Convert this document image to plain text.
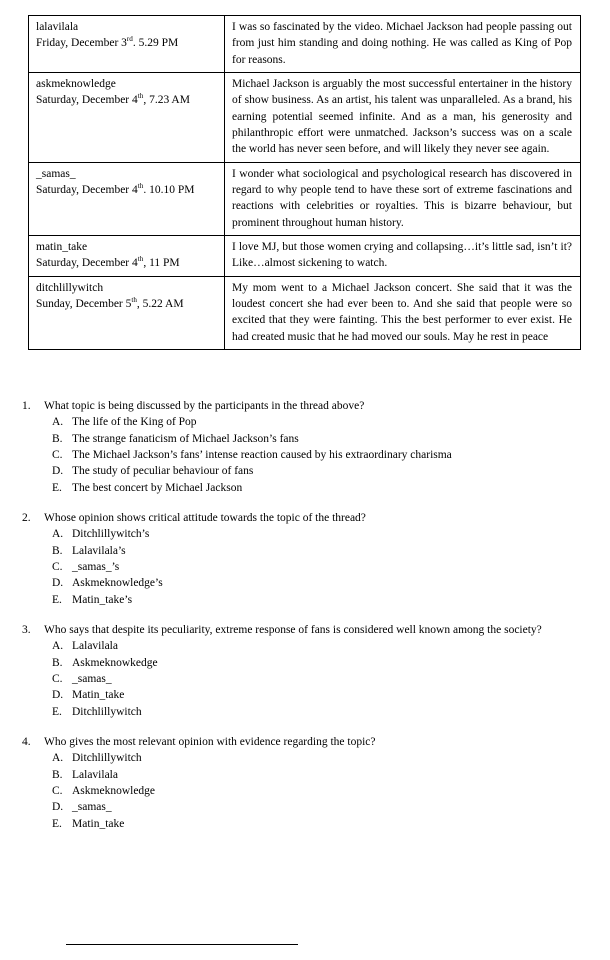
lalavilala
Friday, December 3rd. 5.29 PM	I was so fascinated by the video. Michael Jackson had people passing out from just him standing and doing nothing. He was called as King of Pop for reasons.

askmeknowledge
Saturday, December 4th, 7.23 AM	Michael Jackson is arguably the most successful entertainer in the history of show business. As an artist, his talent was unparalleled. As a brand, his earning potential seemed infinite. And as a man, his generosity and philanthropic effort were unmatched. Jackson’s success was on a scale the world has never seen before, and will likely they never see again.

_samas_
Saturday, December 4th. 10.10 PM	I wonder what sociological and psychological research has discovered in regard to why people tend to have these sort of extreme fascinations and reactions with celebrities or royalties. This is bizarre behaviour, but prominent throughout human history.

matin_take
Saturday, December 4th, 11 PM	I love MJ, but those women crying and collapsing…it’s little sad, isn’t it? Like…almost sickening to watch.

ditchlillywitch
Sunday, December 5th, 5.22 AM	My mom went to a Michael Jackson concert. She said that it was the loudest concert she had ever been to. And she said that people were so excited that they were fainting. This the best performer to ever exist. He had created music that he had moved our souls. May he rest in peace
1.	What topic is being discussed by the participants in the thread above?
A. The life of the King of Pop
B. The strange fanaticism of Michael Jackson’s fans
C. The Michael Jackson’s fans’ intense reaction caused by his extraordinary charisma
D. The study of peculiar behaviour of fans
E. The best concert by Michael Jackson
2.	Whose opinion shows critical attitude towards the topic of the thread?
A. Ditchlillywitch’s
B. Lalavilala’s
C. _samas_’s
D. Askmeknowledge’s
E. Matin_take’s
3.	Who says that despite its peculiarity, extreme response of fans is considered well known among the society?
A. Lalavilala
B. Askmeknowkedge
C. _samas_
D. Matin_take
E. Ditchlillywitch
4.	Who gives the most relevant opinion with evidence regarding the topic?
A. Ditchlillywitch
B. Lalavilala
C. Askmeknowledge
D. _samas_
E. Matin_take
